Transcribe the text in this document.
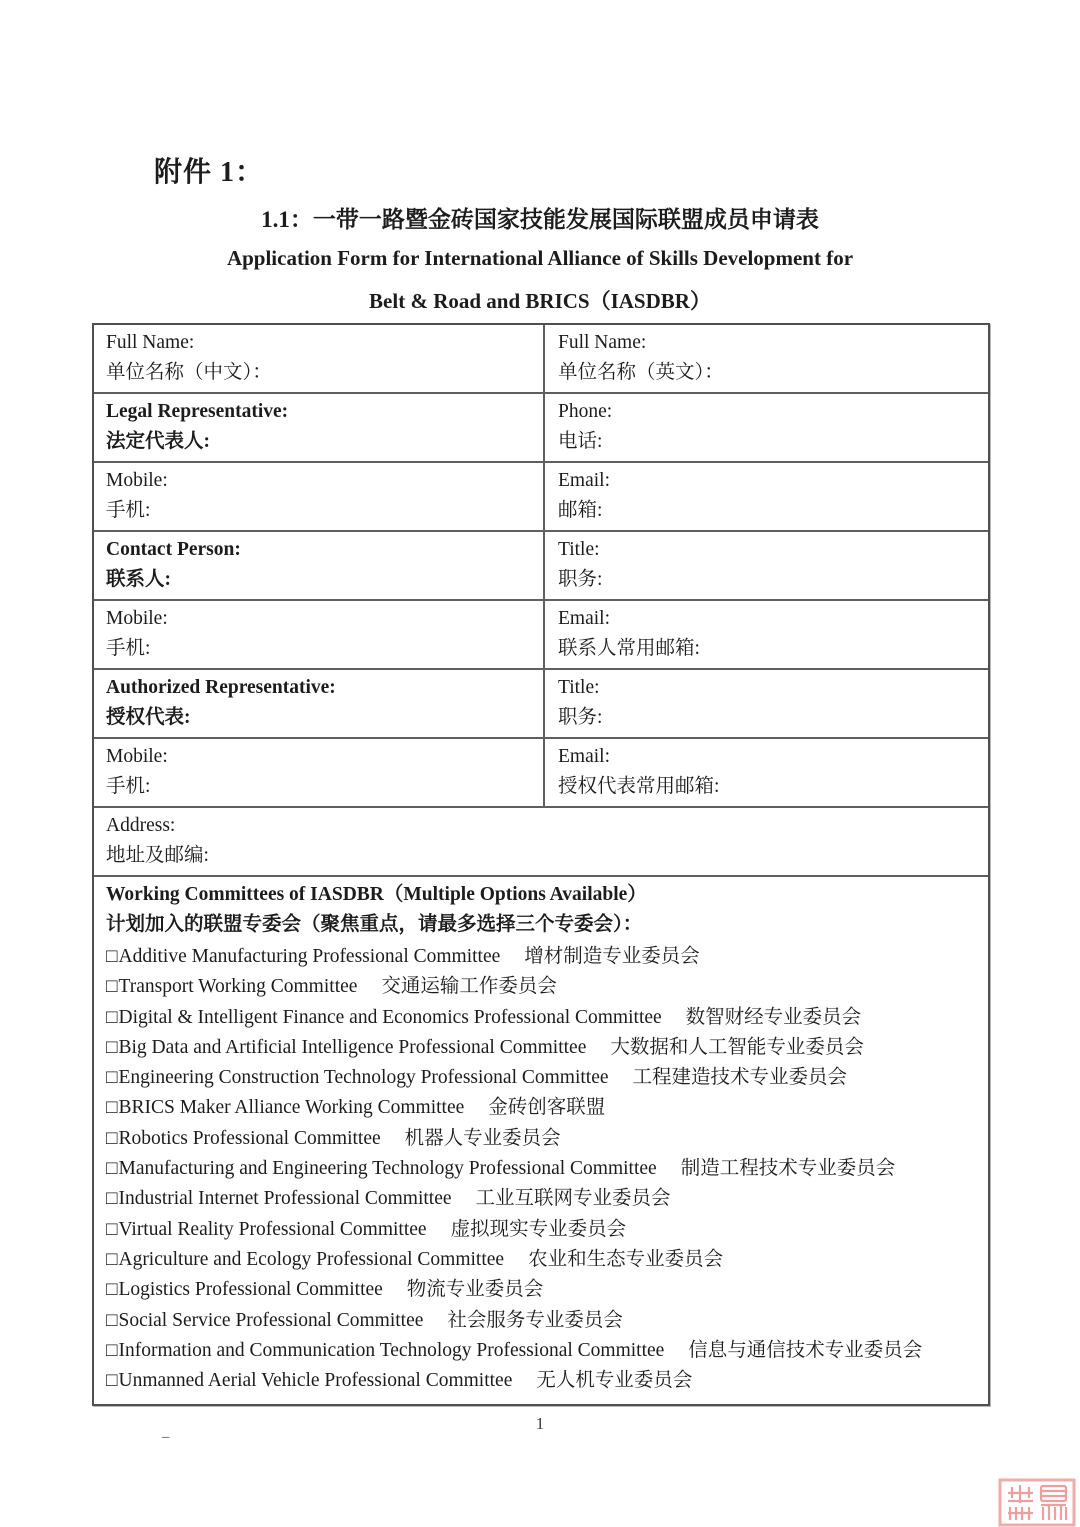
附件 1：
1.1：一带一路暨金砖国家技能发展国际联盟成员申请表
Application Form for International Alliance of Skills Development for
Belt & Road and BRICS（IASDBR）
Full Name:
单位名称（中文）：
Full Name:
单位名称（英文）：
Legal Representative:
法定代表人:
Phone:
电话:
Mobile:
手机:
Email:
邮箱:
Contact Person:
联系人:
Title:
职务:
Mobile:
手机:
Email:
联系人常用邮箱:
Authorized Representative:
授权代表:
Title:
职务:
Mobile:
手机:
Email:
授权代表常用邮箱:
Address:
地址及邮编:
Working Committees of IASDBR（Multiple Options Available）
计划加入的联盟专委会（聚焦重点，请最多选择三个专委会）：
□Additive Manufacturing Professional Committee 增材制造专业委员会
□Transport Working Committee 交通运输工作委员会
□Digital & Intelligent Finance and Economics Professional Committee 数智财经专业委员会
□Big Data and Artificial Intelligence Professional Committee 大数据和人工智能专业委员会
□Engineering Construction Technology Professional Committee 工程建造技术专业委员会
□BRICS Maker Alliance Working Committee 金砖创客联盟
□Robotics Professional Committee 机器人专业委员会
□Manufacturing and Engineering Technology Professional Committee 制造工程技术专业委员会
□Industrial Internet Professional Committee 工业互联网专业委员会
□Virtual Reality Professional Committee 虚拟现实专业委员会
□Agriculture and Ecology Professional Committee 农业和生态专业委员会
□Logistics Professional Committee 物流专业委员会
□Social Service Professional Committee 社会服务专业委员会
□Information and Communication Technology Professional Committee 信息与通信技术专业委员会
□Unmanned Aerial Vehicle Professional Committee 无人机专业委员会
_	1
